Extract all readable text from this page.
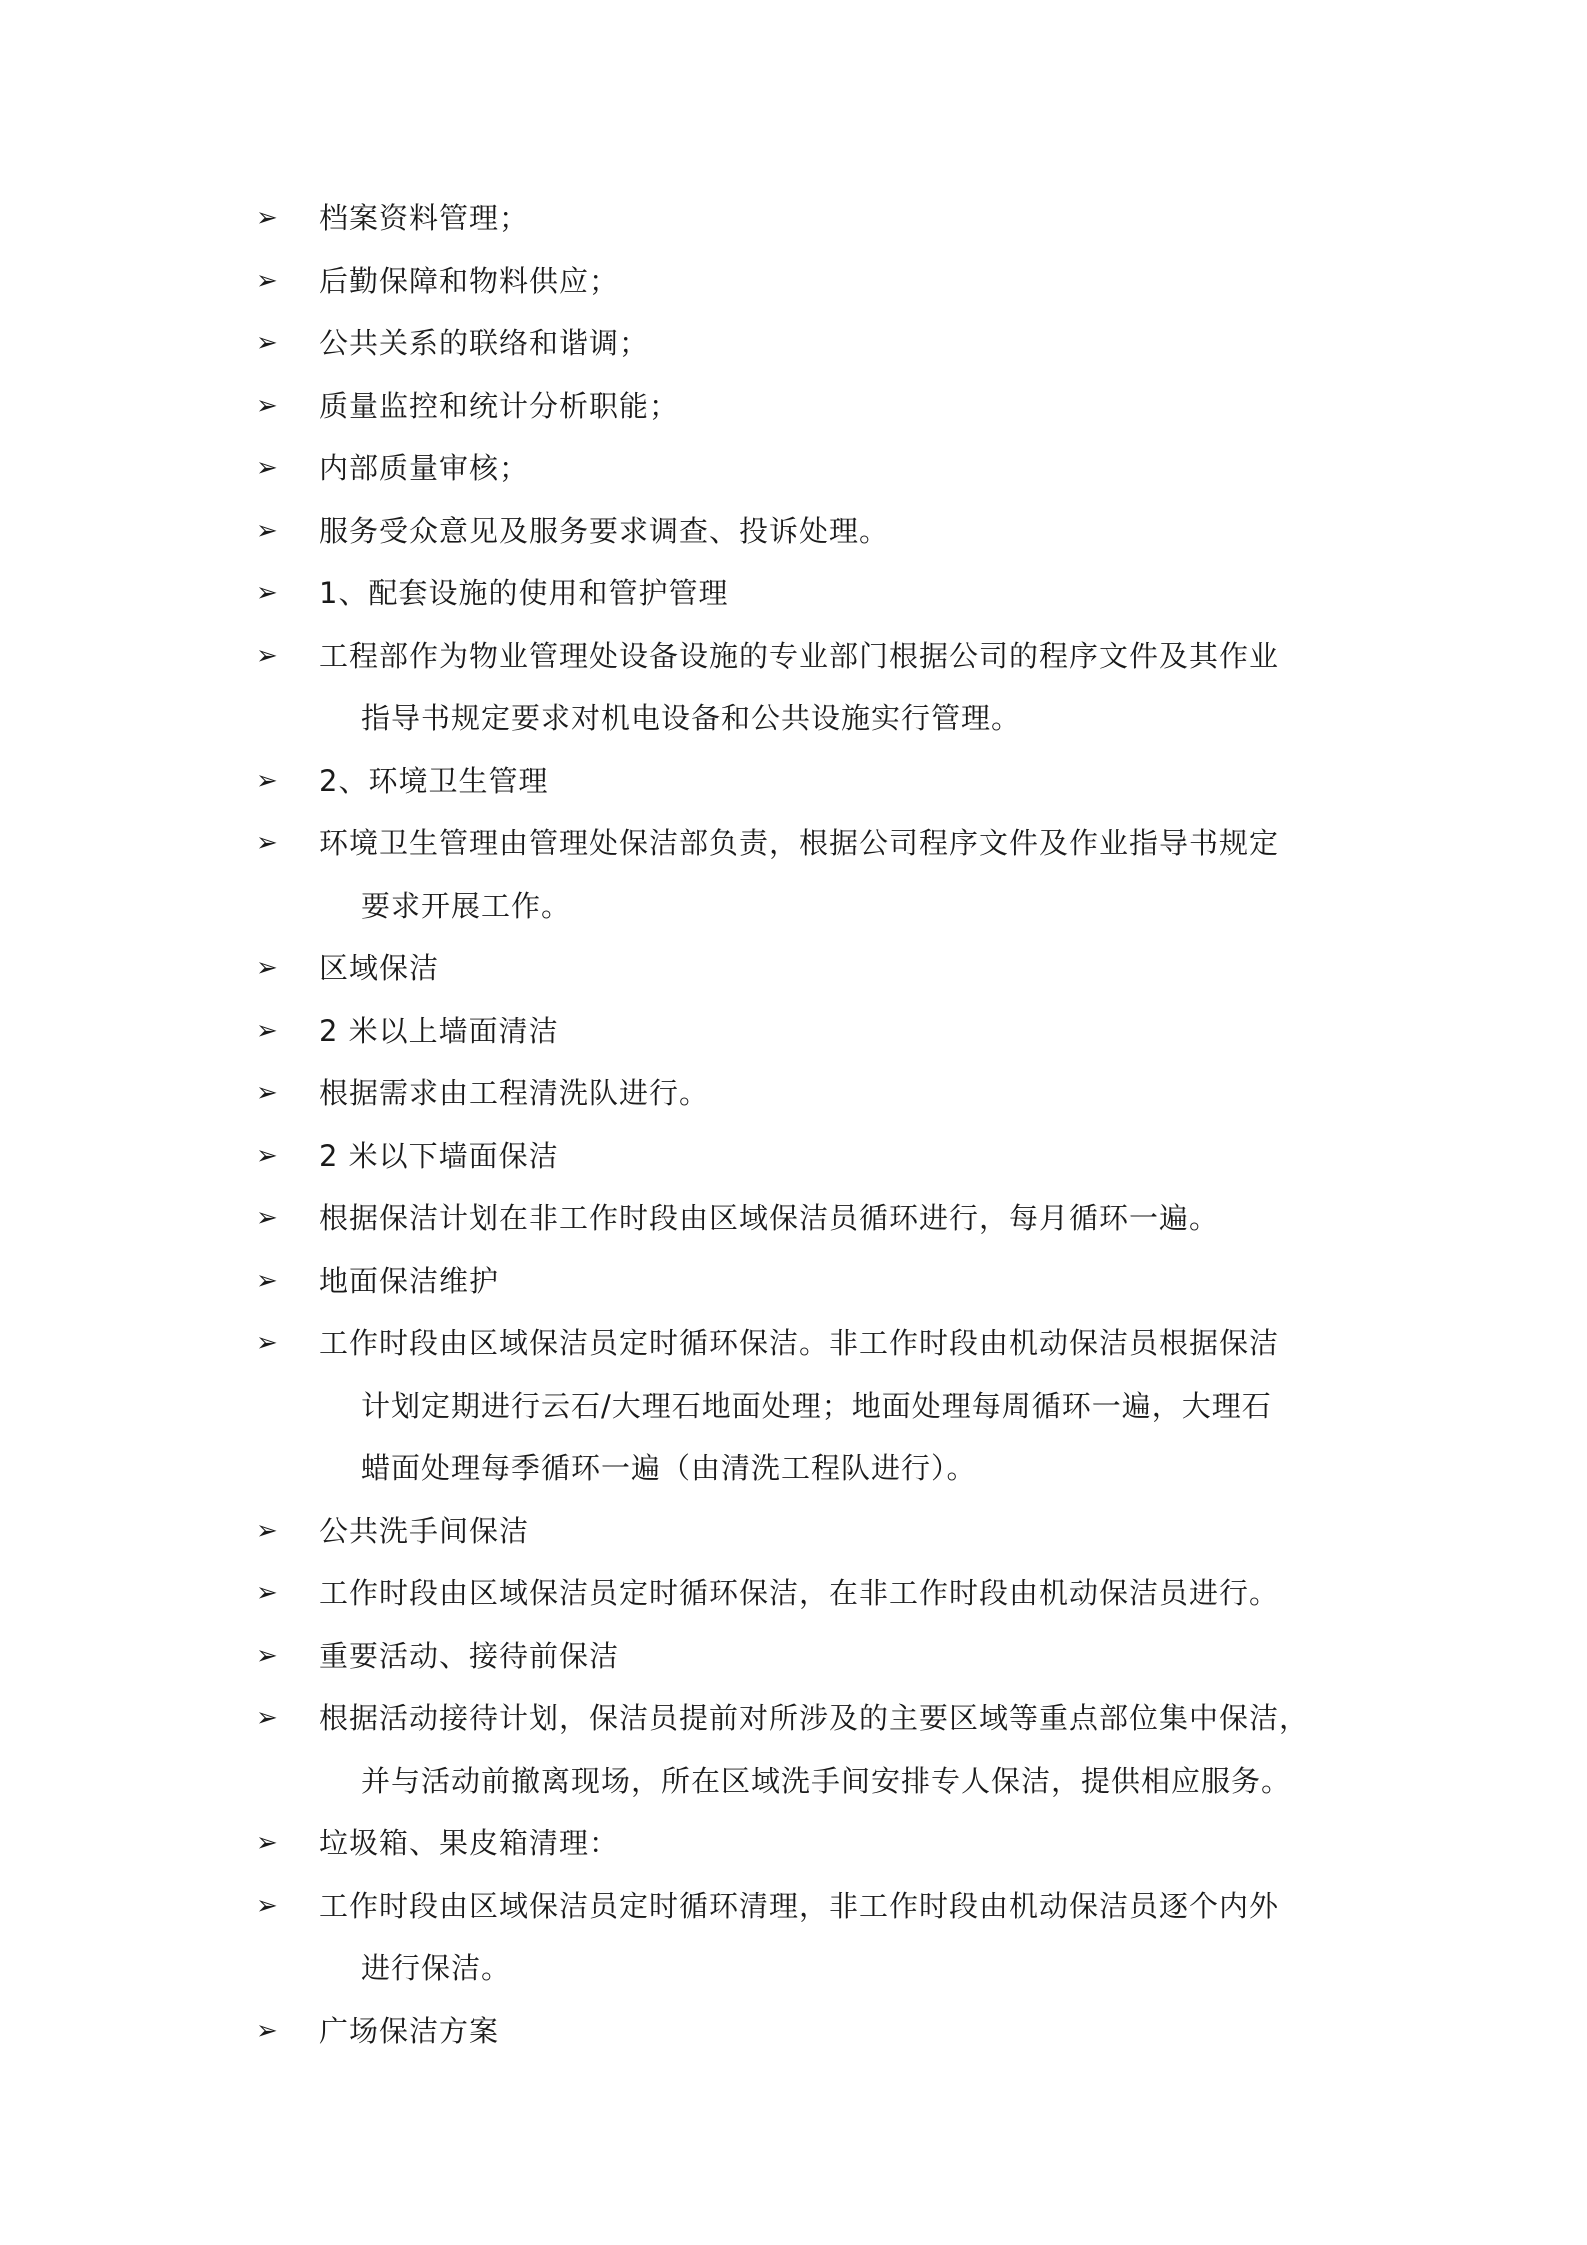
➢ 档案资料管理；
➢ 后勤保障和物料供应；
➢ 公共关系的联络和谐调；
➢ 质量监控和统计分析职能；
➢ 内部质量审核；
➢ 服务受众意见及服务要求调查、投诉处理。
➢ 1、配套设施的使用和管护管理
➢ 工程部作为物业管理处设备设施的专业部门根据公司的程序文件及其作业
指导书规定要求对机电设备和公共设施实行管理。
➢ 2、环境卫生管理
➢ 环境卫生管理由管理处保洁部负责，根据公司程序文件及作业指导书规定
要求开展工作。
➢ 区域保洁
➢ 2 米以上墙面清洁
➢ 根据需求由工程清洗队进行。
➢ 2 米以下墙面保洁
➢ 根据保洁计划在非工作时段由区域保洁员循环进行，每月循环一遍。
➢ 地面保洁维护
➢ 工作时段由区域保洁员定时循环保洁。非工作时段由机动保洁员根据保洁
计划定期进行云石/大理石地面处理；地面处理每周循环一遍，大理石
蜡面处理每季循环一遍（由清洗工程队进行）。
➢ 公共洗手间保洁
➢ 工作时段由区域保洁员定时循环保洁，在非工作时段由机动保洁员进行。
➢ 重要活动、接待前保洁
➢ 根据活动接待计划，保洁员提前对所涉及的主要区域等重点部位集中保洁，
并与活动前撤离现场，所在区域洗手间安排专人保洁，提供相应服务。
➢ 垃圾箱、果皮箱清理：
➢ 工作时段由区域保洁员定时循环清理，非工作时段由机动保洁员逐个内外
进行保洁。
➢ 广场保洁方案
